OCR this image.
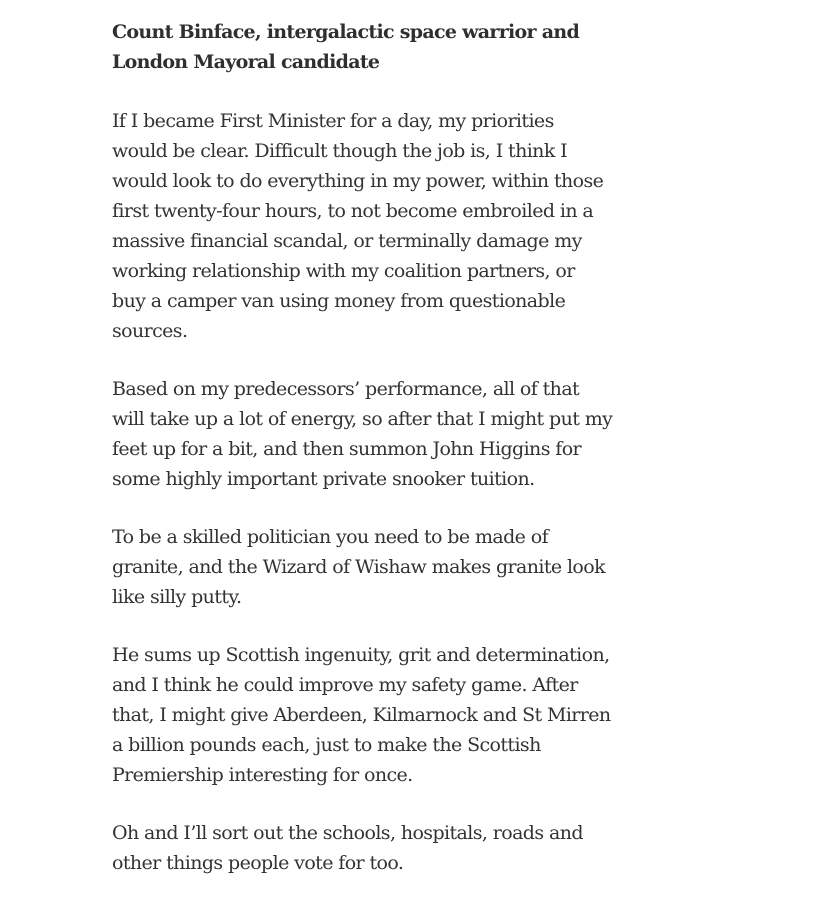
Count Binface, intergalactic space warrior and
London Mayoral candidate

If I became First Minister for a day, my priorities
would be clear. Difficult though the job is, I think I
would look to do everything in my power, within those
first twenty-four hours, to not become embroiled in a
massive financial scandal, or terminally damage my
working relationship with my coalition partners, or
buy a camper van using money from questionable
sources.

Based on my predecessors’ performance, all of that
will take up a lot of energy, so after that I might put my
feet up for a bit, and then summon John Higgins for
some highly important private snooker tuition.

To be a skilled politician you need to be made of
granite, and the Wizard of Wishaw makes granite look
like silly putty.

He sums up Scottish ingenuity, grit and determination,
and I think he could improve my safety game. After
that, I might give Aberdeen, Kilmarnock and St Mirren
a billion pounds each, just to make the Scottish
Premiership interesting for once.

Oh and I’ll sort out the schools, hospitals, roads and
other things people vote for too.
